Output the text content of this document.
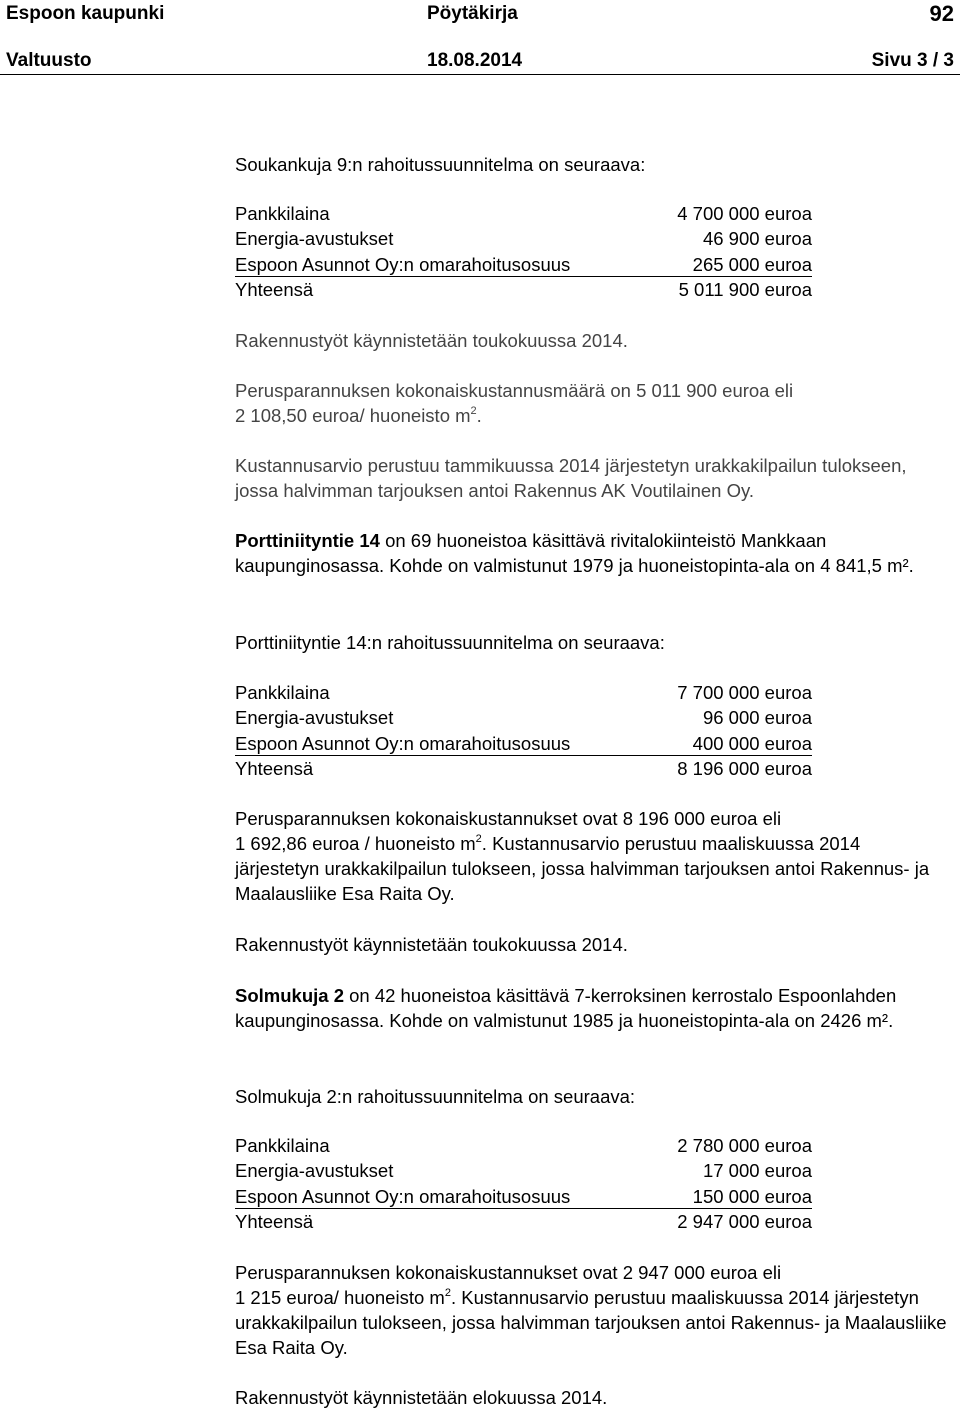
Espoon kaupunki	Pöytäkirja	92
Valtuusto	18.08.2014	Sivu 3 / 3

Soukankuja 9:n rahoitussuunnitelma on seuraava:

Pankkilaina	4 700 000 euroa
Energia-avustukset	46 900 euroa
Espoon Asunnot Oy:n omarahoitusosuus	265 000 euroa
Yhteensä	5 011 900 euroa

Rakennustyöt käynnistetään toukokuussa 2014.

Perusparannuksen kokonaiskustannusmäärä on 5 011 900 euroa eli
2 108,50 euroa/ huoneisto $m^2$.

Kustannusarvio perustuu tammikuussa 2014 järjestetyn urakkakilpailun tulokseen, jossa halvimman tarjouksen antoi Rakennus AK Voutilainen Oy.

Porttiniityntie 14 on 69 huoneistoa käsittävä rivitalokiinteistö Mankkaan kaupunginosassa. Kohde on valmistunut 1979 ja huoneistopinta-ala on 4 841,5 m².

Porttiniityntie 14:n rahoitussuunnitelma on seuraava:

Pankkilaina	7 700 000 euroa
Energia-avustukset	96 000 euroa
Espoon Asunnot Oy:n omarahoitusosuus	400 000 euroa
Yhteensä	8 196 000 euroa

Perusparannuksen kokonaiskustannukset ovat 8 196 000 euroa eli
1 692,86 euroa / huoneisto $m^2$. Kustannusarvio perustuu maaliskuussa 2014 järjestetyn urakkakilpailun tulokseen, jossa halvimman tarjouksen antoi Rakennus- ja Maalausliike Esa Raita Oy.

Rakennustyöt käynnistetään toukokuussa 2014.

Solmukuja 2 on 42 huoneistoa käsittävä 7-kerroksinen kerrostalo Espoonlahden kaupunginosassa. Kohde on valmistunut 1985 ja huoneistopinta-ala on 2426 m².

Solmukuja 2:n rahoitussuunnitelma on seuraava:

Pankkilaina	2 780 000 euroa
Energia-avustukset	17 000 euroa
Espoon Asunnot Oy:n omarahoitusosuus	150 000 euroa
Yhteensä	2 947 000 euroa

Perusparannuksen kokonaiskustannukset ovat 2 947 000 euroa eli
1 215 euroa/ huoneisto $m^2$. Kustannusarvio perustuu maaliskuussa 2014 järjestetyn urakkakilpailun tulokseen, jossa halvimman tarjouksen antoi Rakennus- ja Maalausliike Esa Raita Oy.

Rakennustyöt käynnistetään elokuussa 2014.
